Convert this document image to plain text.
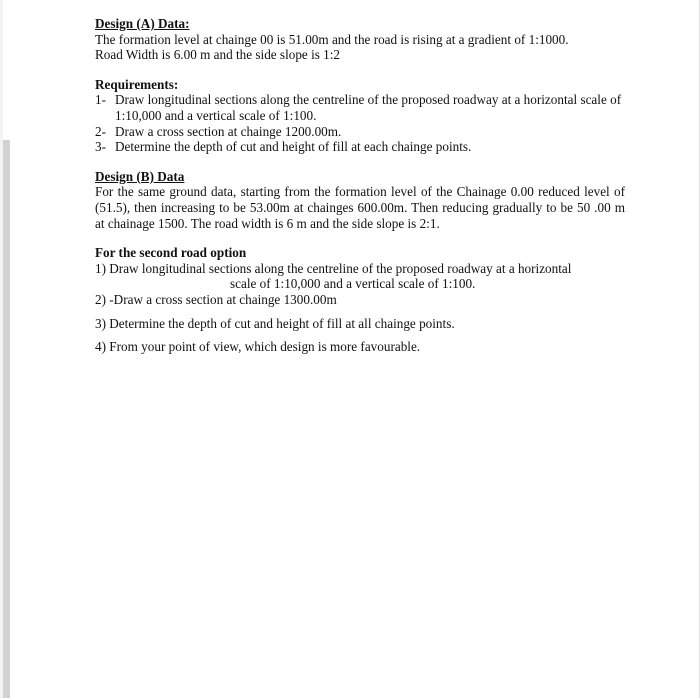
Design (A) Data:

The formation level at chainge 00 is 51.00m and the road is rising at a gradient of 1:1000.
Road Width is 6.00 m and the side slope is 1:2

Requirements:
1- Draw longitudinal sections along the centreline of the proposed roadway at a horizontal scale of 1:10,000 and a vertical scale of 1:100.
2- Draw a cross section at chainge 1200.00m.
3- Determine the depth of cut and height of fill at each chainge points.
Design (B) Data

For the same ground data, starting from the formation level of the Chainage 0.00 reduced level of (51.5), then increasing to be 53.00m at chainges 600.00m. Then reducing gradually to be 50 .00 m at chainage 1500. The road width is 6 m and the side slope is 2:1.

For the second road option
1) Draw longitudinal sections along the centreline of the proposed roadway at a horizontal
scale of 1:10,000 and a vertical scale of 1:100.
2) -Draw a cross section at chainge 1300.00m
3) Determine the depth of cut and height of fill at all chainge points.
4) From your point of view, which design is more favourable.
